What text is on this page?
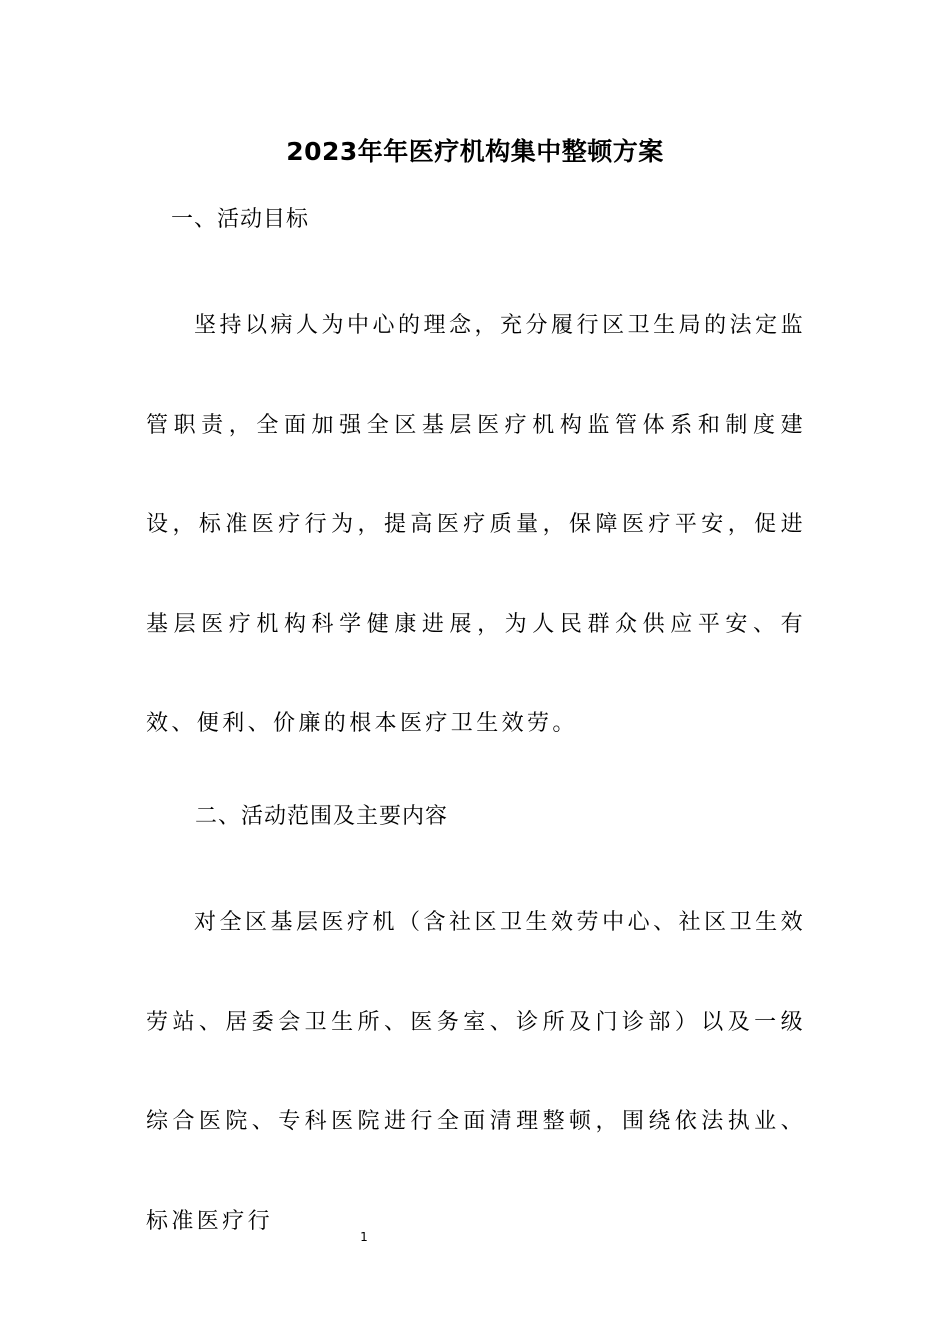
2023年年医疗机构集中整顿方案
一、活动目标

坚持以病人为中心的理念，充分履行区卫生局的法定监管职责，全面加强全区基层医疗机构监管体系和制度建设，标准医疗行为，提高医疗质量，保障医疗平安，促进基层医疗机构科学健康进展，为人民群众供应平安、有效、便利、价廉的根本医疗卫生效劳。

二、活动范围及主要内容

对全区基层医疗机（含社区卫生效劳中心、社区卫生效劳站、居委会卫生所、医务室、诊所及门诊部）以及一级综合医院、专科医院进行全面清理整顿，围绕依法执业、标准医疗行

1
